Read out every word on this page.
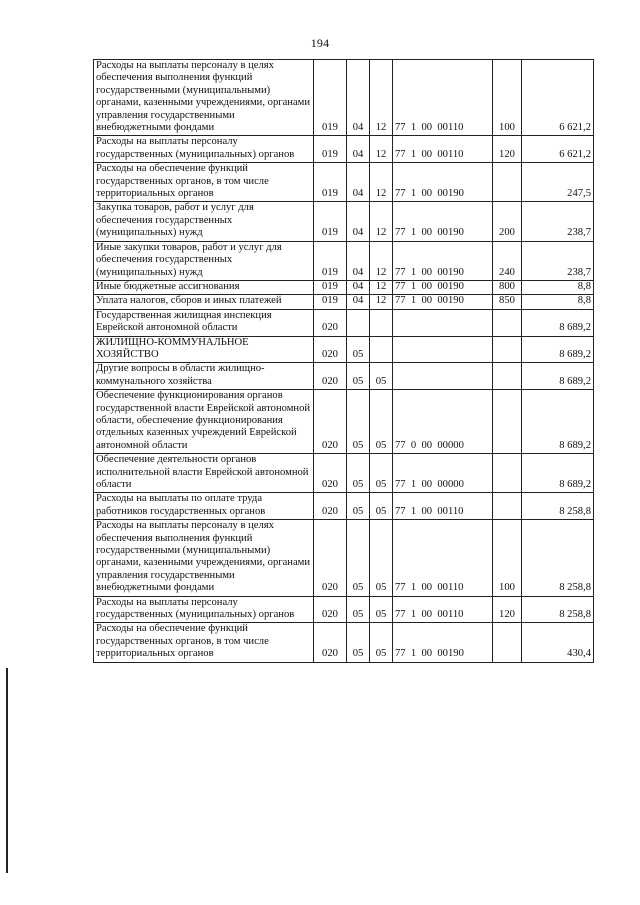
194
Расходы на выплаты персоналу в целях обеспечения выполнения функций государственными (муниципальными) органами, казенными учреждениями, органами управления государственными внебюджетными фондами	019	04	12	77  1  00  00110	100	6 621,2
Расходы на выплаты персоналу государственных (муниципальных) органов	019	04	12	77  1  00  00110	120	6 621,2
Расходы на обеспечение функций государственных органов, в том числе территориальных органов	019	04	12	77  1  00  00190		247,5
Закупка товаров, работ и услуг для обеспечения государственных (муниципальных) нужд	019	04	12	77  1  00  00190	200	238,7
Иные закупки товаров, работ и услуг для обеспечения государственных (муниципальных) нужд	019	04	12	77  1  00  00190	240	238,7
Иные бюджетные ассигнования	019	04	12	77  1  00  00190	800	8,8
Уплата налогов, сборов и иных платежей	019	04	12	77  1  00  00190	850	8,8
Государственная жилищная инспекция Еврейской автономной области	020					8 689,2
ЖИЛИЩНО-КОММУНАЛЬНОЕ ХОЗЯЙСТВО	020	05				8 689,2
Другие вопросы в области жилищно-коммунального хозяйства	020	05	05			8 689,2
Обеспечение функционирования органов государственной власти Еврейской автономной области, обеспечение функционирования отдельных казенных учреждений Еврейской автономной области	020	05	05	77  0  00  00000		8 689,2
Обеспечение деятельности органов исполнительной власти Еврейской автономной области	020	05	05	77  1  00  00000		8 689,2
Расходы на выплаты по оплате труда работников государственных органов	020	05	05	77  1  00  00110		8 258,8
Расходы на выплаты персоналу в целях обеспечения выполнения функций государственными (муниципальными) органами, казенными учреждениями, органами управления государственными внебюджетными фондами	020	05	05	77  1  00  00110	100	8 258,8
Расходы на выплаты персоналу государственных (муниципальных) органов	020	05	05	77  1  00  00110	120	8 258,8
Расходы на обеспечение функций государственных органов, в том числе территориальных органов	020	05	05	77  1  00  00190		430,4
